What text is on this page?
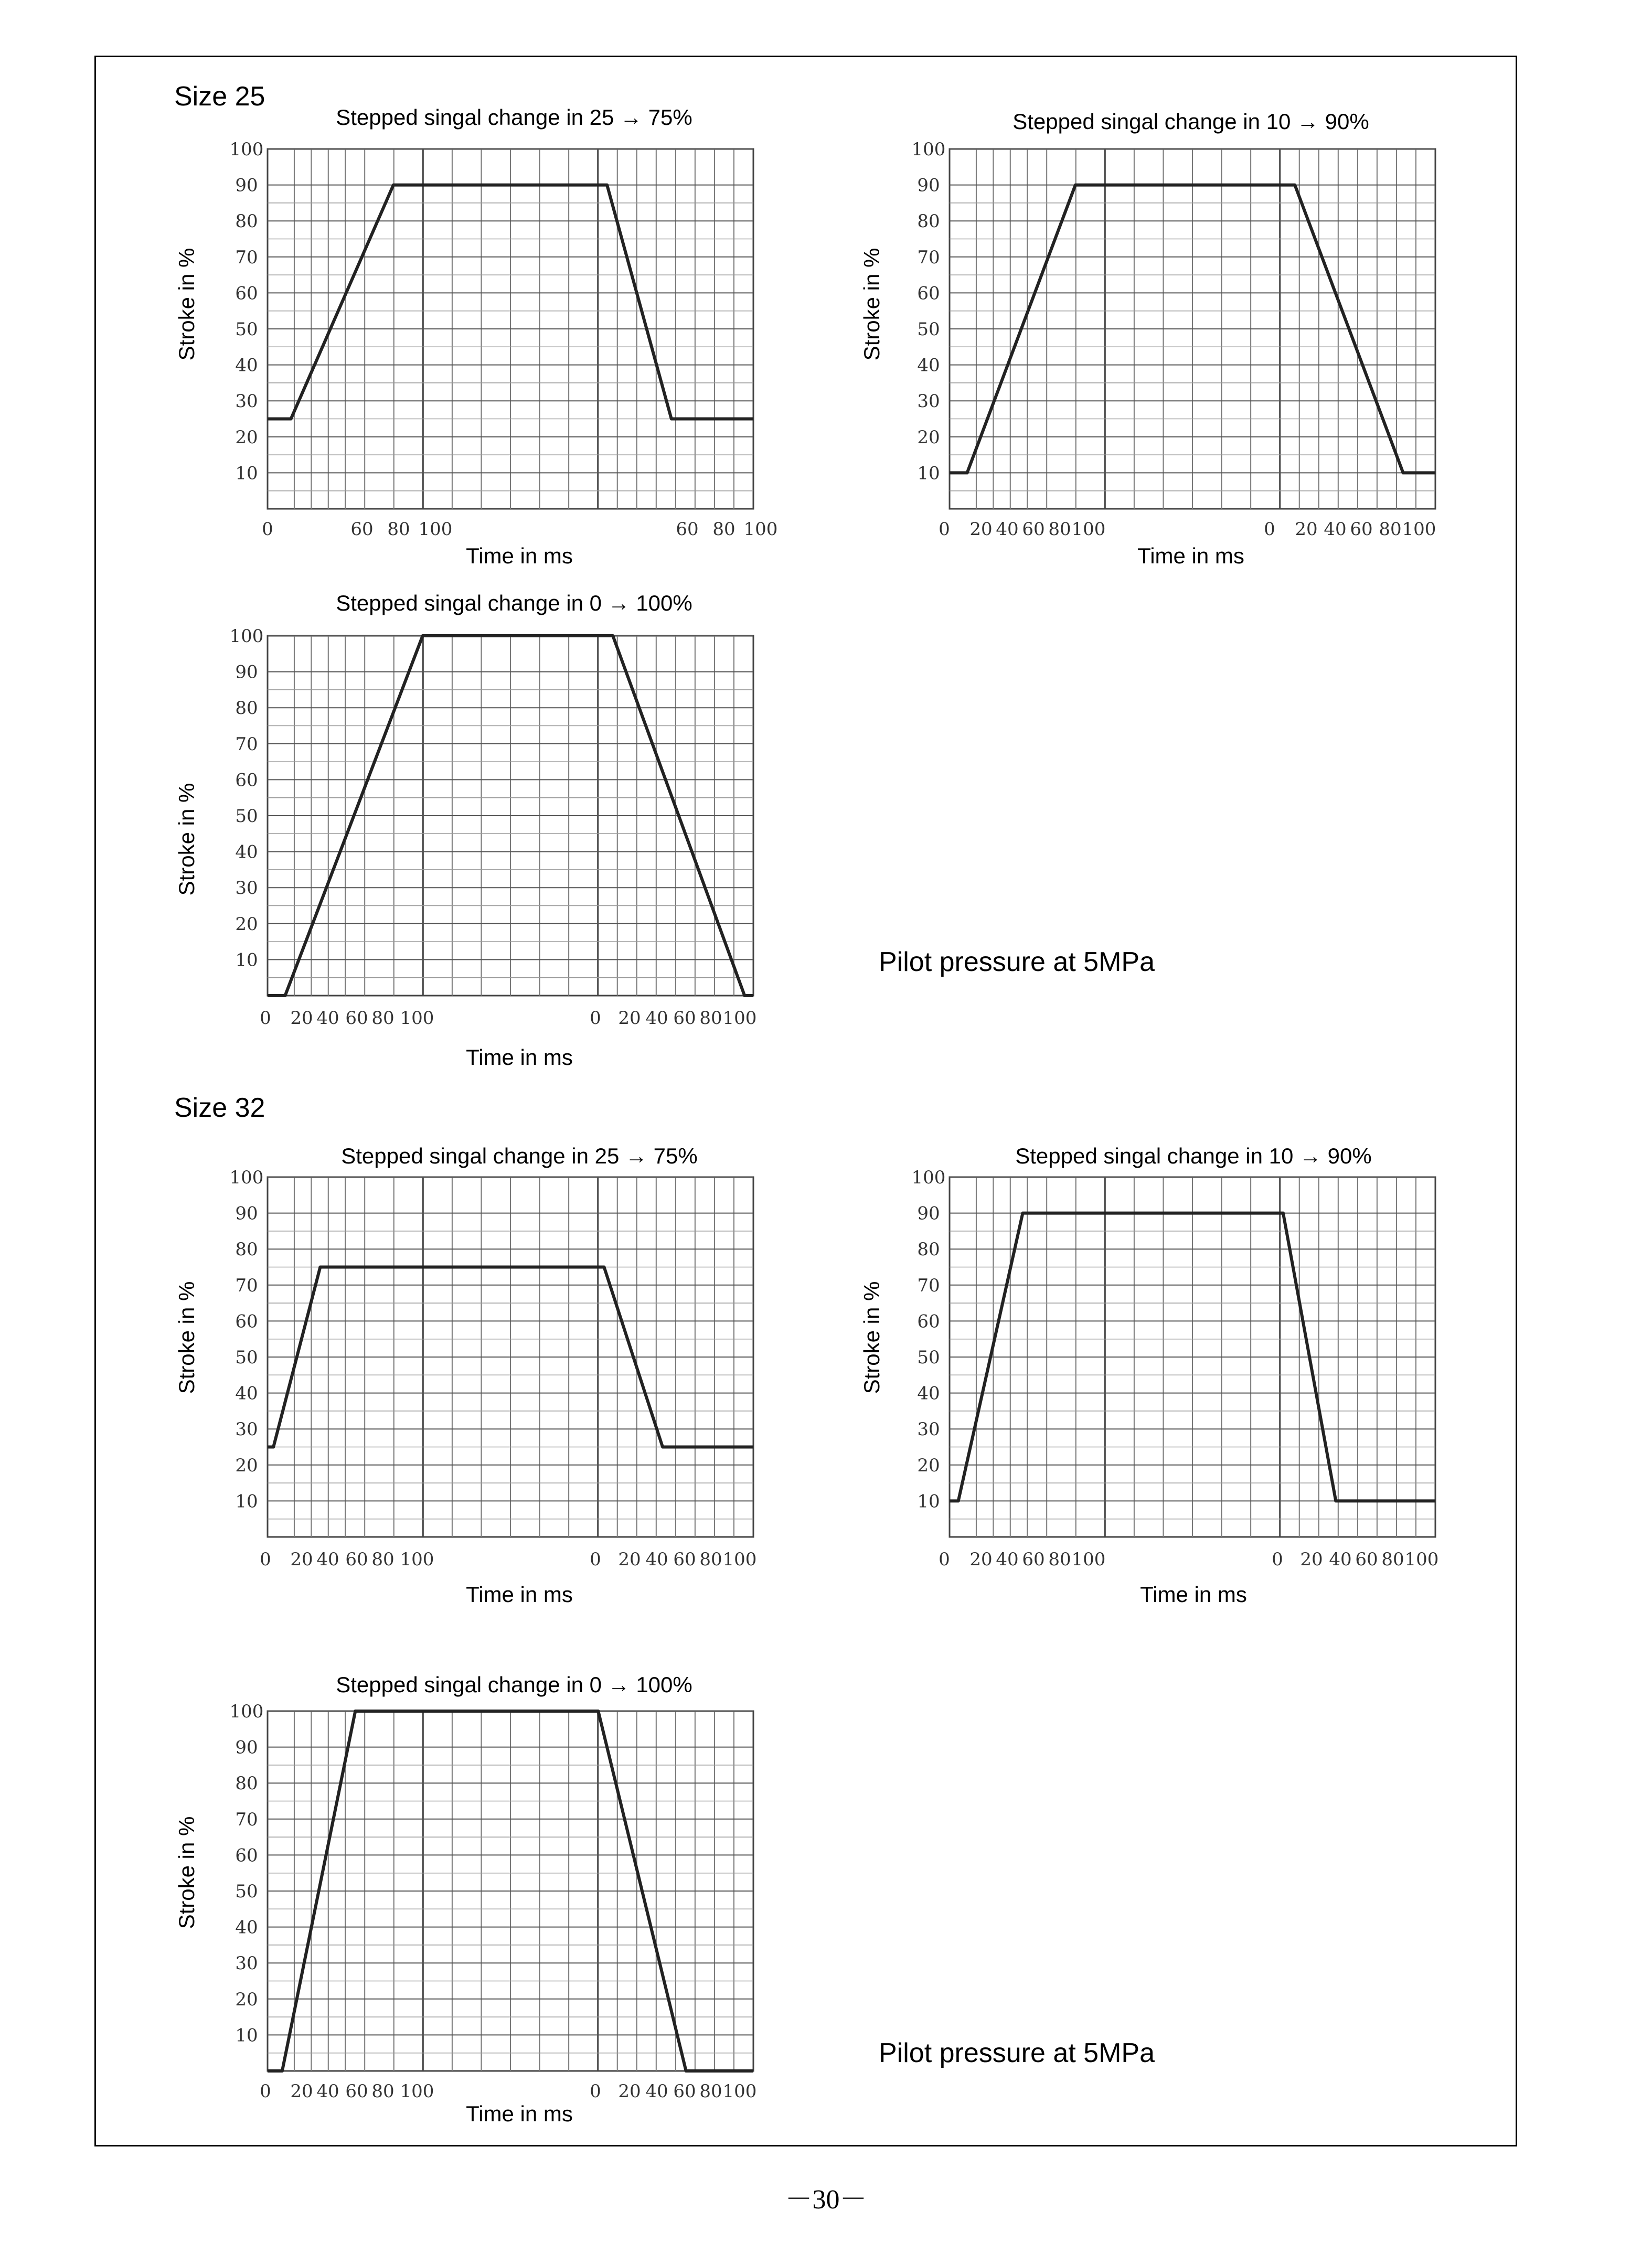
Size 25
Pilot pressure at 5MPa
Size 32
Pilot pressure at 5MPa
10
20
30
40
50
60
70
80
90
100
0	60 80 100	60 80 100
Stepped singal change in 25 → 75%
Stroke in %
Time in ms
10
20
30
40
50
60
70
80
90
100
0 20 40 60 80 100	0 20 40 60 80 100
Stepped singal change in 10 → 90%
Stroke in %
Time in ms
10
20
30
40
50
60
70
80
90
100
0 20 40 60 80 100	0 20 40 60 80 100
Stepped singal change in 0 → 100%
Stroke in %
Time in ms
10
20
30
40
50
60
70
80
90
100
0 20 40 60 80 100	0 20 40 60 80 100
Stepped singal change in 25 → 75%
Stroke in %
Time in ms
10
20
30
40
50
60
70
80
90
100
0 20 40 60 80 100	0 20 40 60 80 100
Stepped singal change in 10 → 90%
Stroke in %
Time in ms
10
20
30
40
50
60
70
80
90
100
0 20 40 60 80 100	0 20 40 60 80 100
Stepped singal change in 0 → 100%
Stroke in %
Time in ms
－30－
